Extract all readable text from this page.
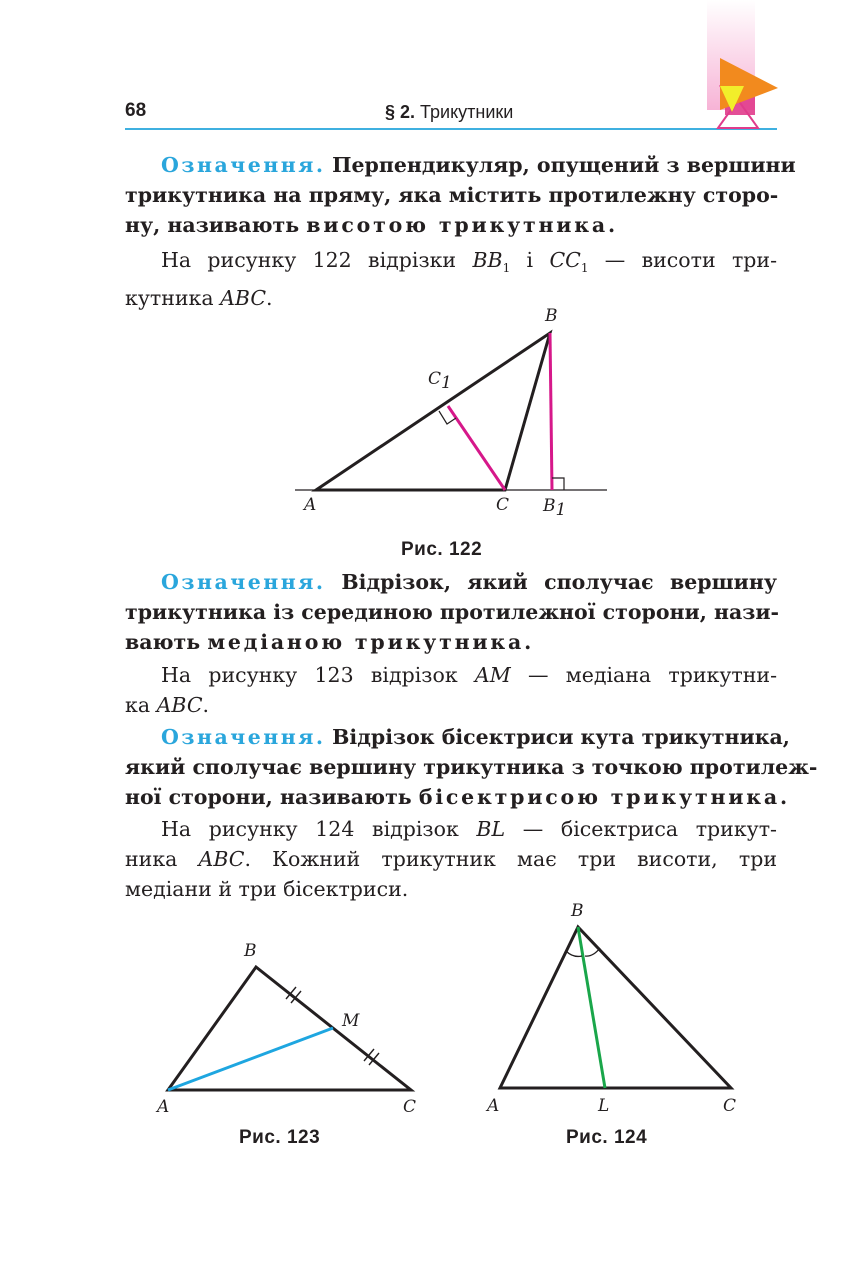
68	§ 2. Трикутники
Означення. Перпендикуляр, опущений з вершини
трикутника на пряму, яка містить протилежну сторо-
ну, називають висотою трикутника.
На рисунку 122 відрізки $BB_1$ і $CC_1$ — висоти три-
кутника ABC.
A
B
C
C1
B1
Рис. 122
Означення. Відрізок, який сполучає вершину
трикутника із серединою протилежної сторони, нази-
вають медіаною трикутника.
На рисунку 123 відрізок AM — медіана трикутни-
ка ABC.
Означення. Відрізок бісектриси кута трикутника,
який сполучає вершину трикутника з точкою протилеж-
ної сторони, називають бісектрисою трикутника.
На рисунку 124 відрізок BL — бісектриса трикут-
ника ABC. Кожний трикутник має три висоти, три
медіани й три бісектриси.
A
B
C
M
Рис. 123
A
B
C
L
Рис. 124
